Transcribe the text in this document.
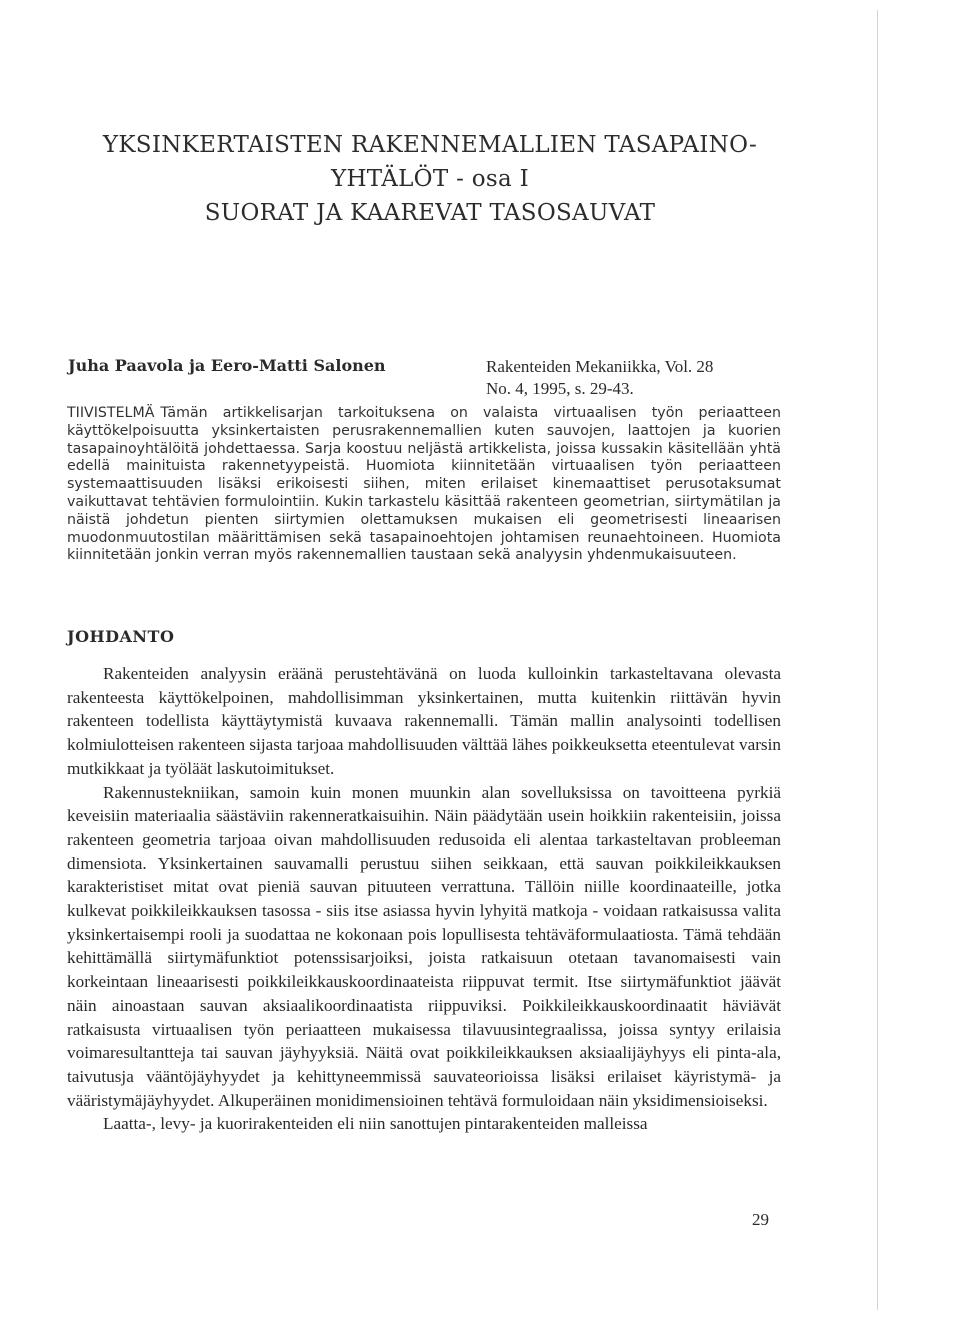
YKSINKERTAISTEN RAKENNEMALLIEN TASAPAINO-
YHTÄLÖT - osa I
SUORAT JA KAAREVAT TASOSAUVAT
Juha Paavola ja Eero-Matti Salonen	Rakenteiden Mekaniikka, Vol. 28
No. 4, 1995, s. 29-43.
TIIVISTELMÄ Tämän artikkelisarjan tarkoituksena on valaista virtuaalisen työn periaatteen käyttökelpoisuutta yksinkertaisten perusrakennemallien kuten sauvojen, laattojen ja kuorien tasapainoyhtälöitä johdettaessa. Sarja koostuu neljästä artikkelista, joissa kussakin käsitellään yhtä edellä mainituista rakennetyypeistä. Huomiota kiinnitetään virtuaalisen työn periaatteen systemaattisuuden lisäksi erikoisesti siihen, miten erilaiset kinemaattiset perusotaksumat vaikuttavat tehtävien formulointiin. Kukin tarkastelu käsittää rakenteen geometrian, siirtymätilan ja näistä johdetun pienten siirtymien olettamuksen mukaisen eli geometrisesti lineaarisen muodonmuutostilan määrittämisen sekä tasapainoehtojen johtamisen reunaehtoineen. Huomiota kiinnitetään jonkin verran myös rakennemallien taustaan sekä analyysin yhdenmukaisuuteen.
JOHDANTO

Rakenteiden analyysin eräänä perustehtävänä on luoda kulloinkin tarkasteltavana olevasta rakenteesta käyttökelpoinen, mahdollisimman yksinkertainen, mutta kuitenkin riittävän hyvin rakenteen todellista käyttäytymistä kuvaava rakennemalli. Tämän mallin analysointi todellisen kolmiulotteisen rakenteen sijasta tarjoaa mahdollisuuden välttää lähes poikkeuksetta eteentulevat varsin mutkikkaat ja työläät laskutoimitukset.

Rakennustekniikan, samoin kuin monen muunkin alan sovelluksissa on tavoitteena pyrkiä keveisiin materiaalia säästäviin rakenneratkaisuihin. Näin päädytään usein hoikkiin rakenteisiin, joissa rakenteen geometria tarjoaa oivan mahdollisuuden redusoida eli alentaa tarkasteltavan probleeman dimensiota. Yksinkertainen sauvamalli perustuu siihen seikkaan, että sauvan poikkileikkauksen karakteristiset mitat ovat pieniä sauvan pituuteen verrattuna. Tällöin niille koordinaateille, jotka kulkevat poikkileikkauksen tasossa - siis itse asiassa hyvin lyhyitä matkoja - voidaan ratkaisussa valita yksinkertaisempi rooli ja suodattaa ne kokonaan pois lopullisesta tehtäväformulaatiosta. Tämä tehdään kehittämällä siirtymäfunktiot potenssisarjoiksi, joista ratkaisuun otetaan tavanomaisesti vain korkeintaan lineaarisesti poikkileikkauskoordinaateista riippuvat termit. Itse siirtymäfunktiot jäävät näin ainoastaan sauvan aksiaalikoordinaatista riippuviksi. Poikkileikkauskoordinaatit häviävät ratkaisusta virtuaalisen työn periaatteen mukaisessa tilavuusintegraalissa, joissa syntyy erilaisia voimaresultantteja tai sauvan jäyhyyksiä. Näitä ovat poikkileikkauksen aksiaalijäyhyys eli pinta-ala, taivutusja vääntöjäyhyydet ja kehittyneemmissä sauvateorioissa lisäksi erilaiset käyristymä- ja vääristymäjäyhyydet. Alkuperäinen monidimensioinen tehtävä formuloidaan näin yksidimensioiseksi.

Laatta-, levy- ja kuorirakenteiden eli niin sanottujen pintarakenteiden malleissa

29
